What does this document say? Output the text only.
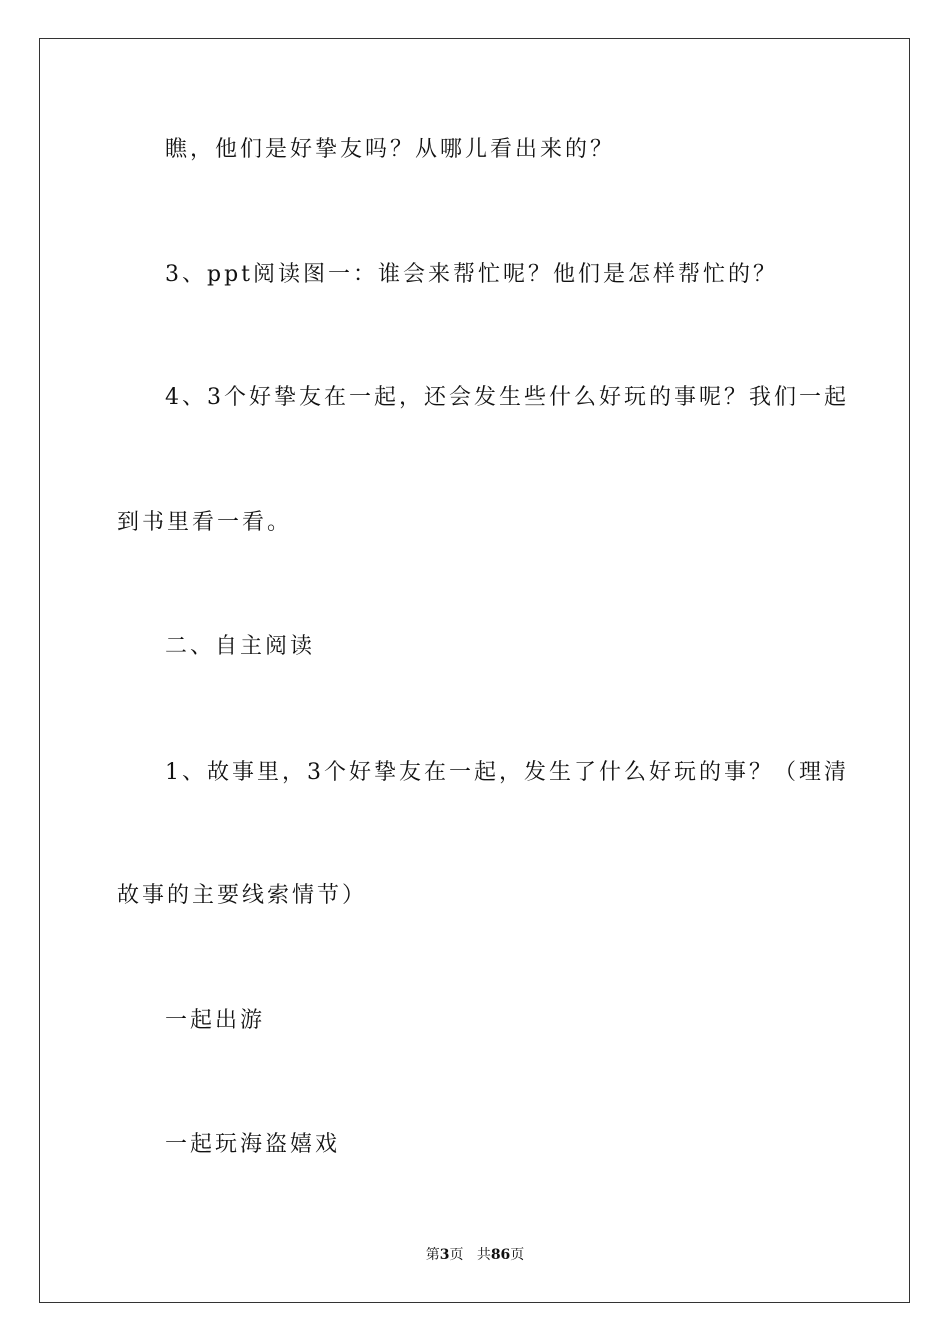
瞧，他们是好挚友吗？从哪儿看出来的？
3、ppt阅读图一：谁会来帮忙呢？他们是怎样帮忙的？
4、3个好挚友在一起，还会发生些什么好玩的事呢？我们一起
到书里看一看。
二、自主阅读
1、故事里，3个好挚友在一起，发生了什么好玩的事？（理清
故事的主要线索情节）
一起出游
一起玩海盗嬉戏
第3页 共86页
